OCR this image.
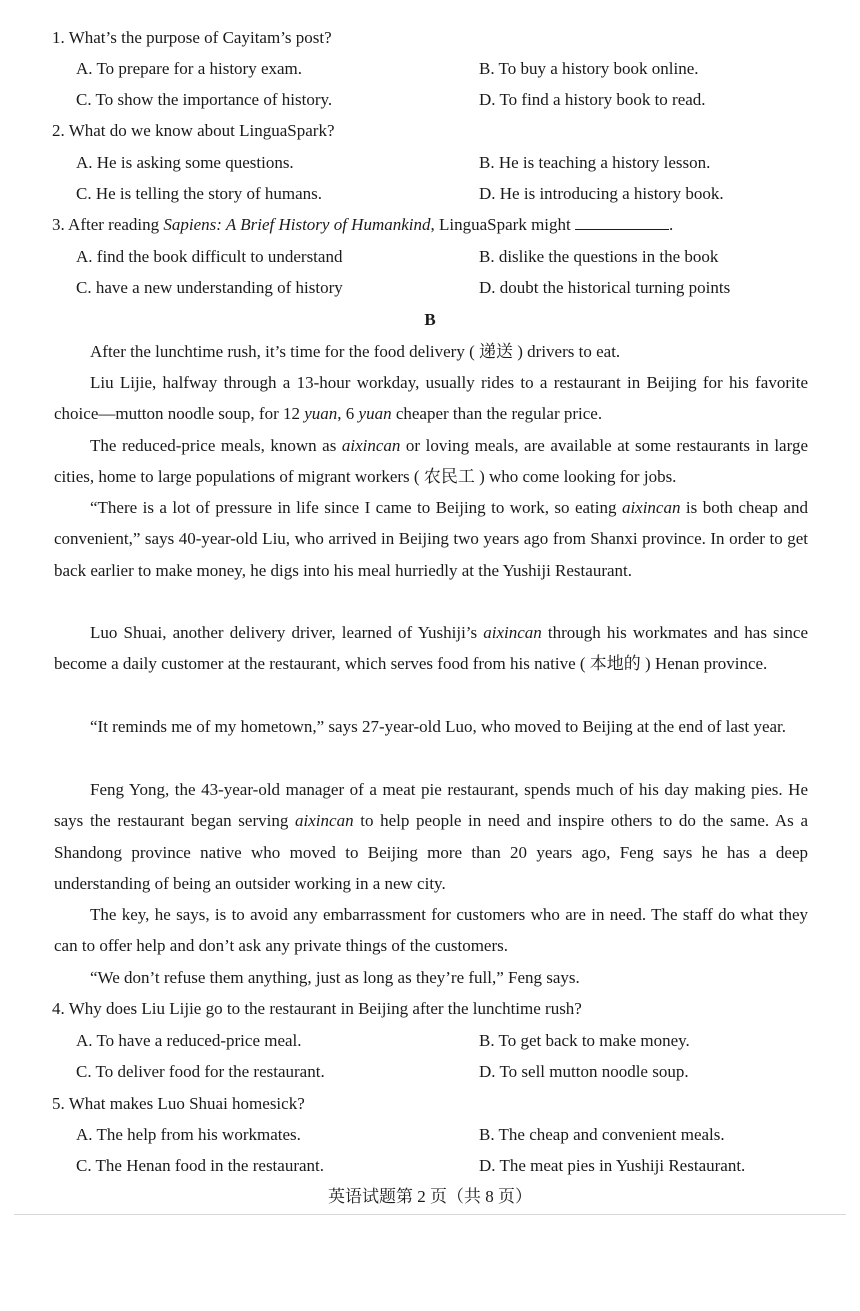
1. What’s the purpose of Cayitam’s post?
A. To prepare for a history exam.	B. To buy a history book online.
C. To show the importance of history.	D. To find a history book to read.
2. What do we know about LinguaSpark?
A. He is asking some questions.	B. He is teaching a history lesson.
C. He is telling the story of humans.	D. He is introducing a history book.
3. After reading Sapiens: A Brief History of Humankind, LinguaSpark might	.
A. find the book difficult to understand	B. dislike the questions in the book
C. have a new understanding of history	D. doubt the historical turning points
B
After the lunchtime rush, it’s time for the food delivery ( 递送 ) drivers to eat.
Liu Lijie, halfway through a 13-hour workday, usually rides to a restaurant in Beijing for his favorite choice—mutton noodle soup, for 12 yuan, 6 yuan cheaper than the regular price.
The reduced-price meals, known as aixincan or loving meals, are available at some restaurants in large cities, home to large populations of migrant workers ( 农民工 ) who come looking for jobs.
“There is a lot of pressure in life since I came to Beijing to work, so eating aixincan is both cheap and convenient,” says 40-year-old Liu, who arrived in Beijing two years ago from Shanxi province. In order to get back earlier to make money, he digs into his meal hurriedly at the Yushiji Restaurant.
Luo Shuai, another delivery driver, learned of Yushiji’s aixincan through his workmates and has since become a daily customer at the restaurant, which serves food from his native ( 本地的 ) Henan province.
“It reminds me of my hometown,” says 27-year-old Luo, who moved to Beijing at the end of last year.
Feng Yong, the 43-year-old manager of a meat pie restaurant, spends much of his day making pies. He says the restaurant began serving aixincan to help people in need and inspire others to do the same. As a Shandong province native who moved to Beijing more than 20 years ago, Feng says he has a deep understanding of being an outsider working in a new city.
The key, he says, is to avoid any embarrassment for customers who are in need. The staff do what they can to offer help and don’t ask any private things of the customers.
“We don’t refuse them anything, just as long as they’re full,” Feng says.
4. Why does Liu Lijie go to the restaurant in Beijing after the lunchtime rush?
A. To have a reduced-price meal.	B. To get back to make money.
C. To deliver food for the restaurant.	D. To sell mutton noodle soup.
5. What makes Luo Shuai homesick?
A. The help from his workmates.	B. The cheap and convenient meals.
C. The Henan food in the restaurant.	D. The meat pies in Yushiji Restaurant.
英语试题第 2 页（共 8 页）
